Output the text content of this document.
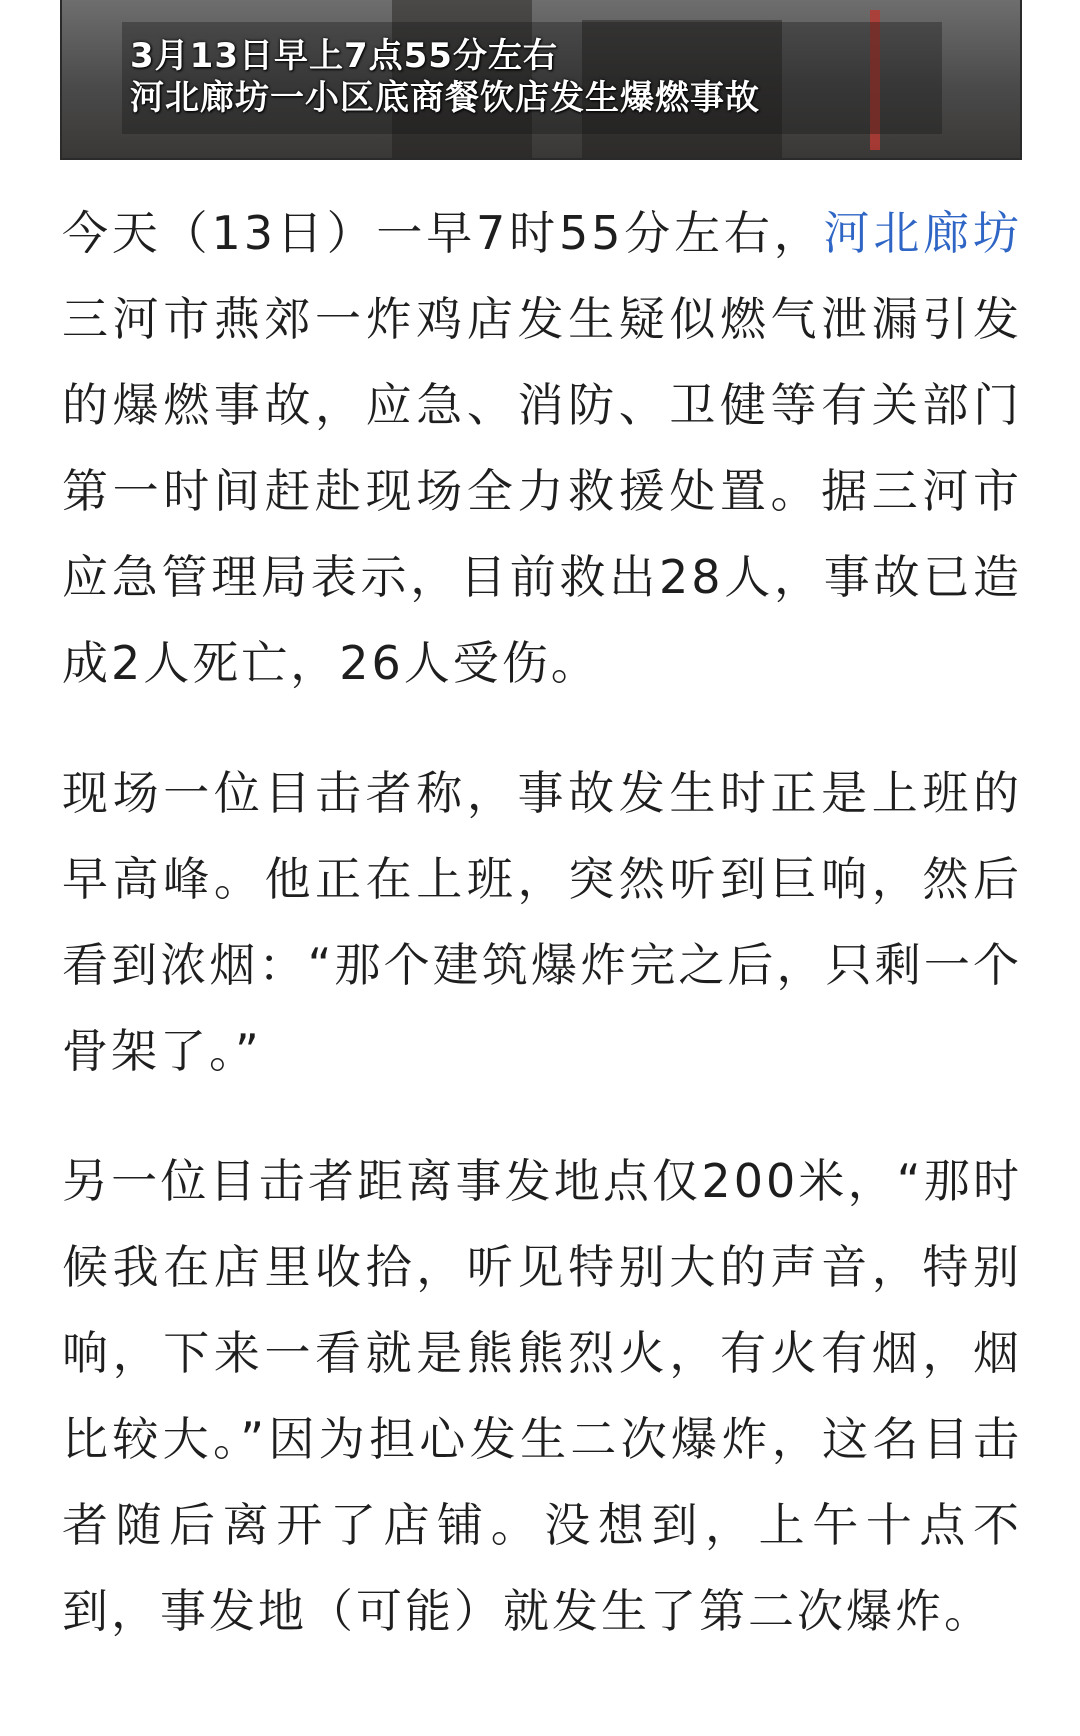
3月13日早上7点55分左右
河北廊坊一小区底商餐饮店发生爆燃事故

今天（13日）一早7时55分左右，河北廊坊三河市燕郊一炸鸡店发生疑似燃气泄漏引发的爆燃事故，应急、消防、卫健等有关部门第一时间赶赴现场全力救援处置。据三河市应急管理局表示，目前救出28人，事故已造成2人死亡，26人受伤。

现场一位目击者称，事故发生时正是上班的早高峰。他正在上班，突然听到巨响，然后看到浓烟：“那个建筑爆炸完之后，只剩一个骨架了。”

另一位目击者距离事发地点仅200米，“那时候我在店里收拾，听见特别大的声音，特别响，下来一看就是熊熊烈火，有火有烟，烟比较大。”因为担心发生二次爆炸，这名目击者随后离开了店铺。没想到，上午十点不到，事发地（可能）就发生了第二次爆炸。
